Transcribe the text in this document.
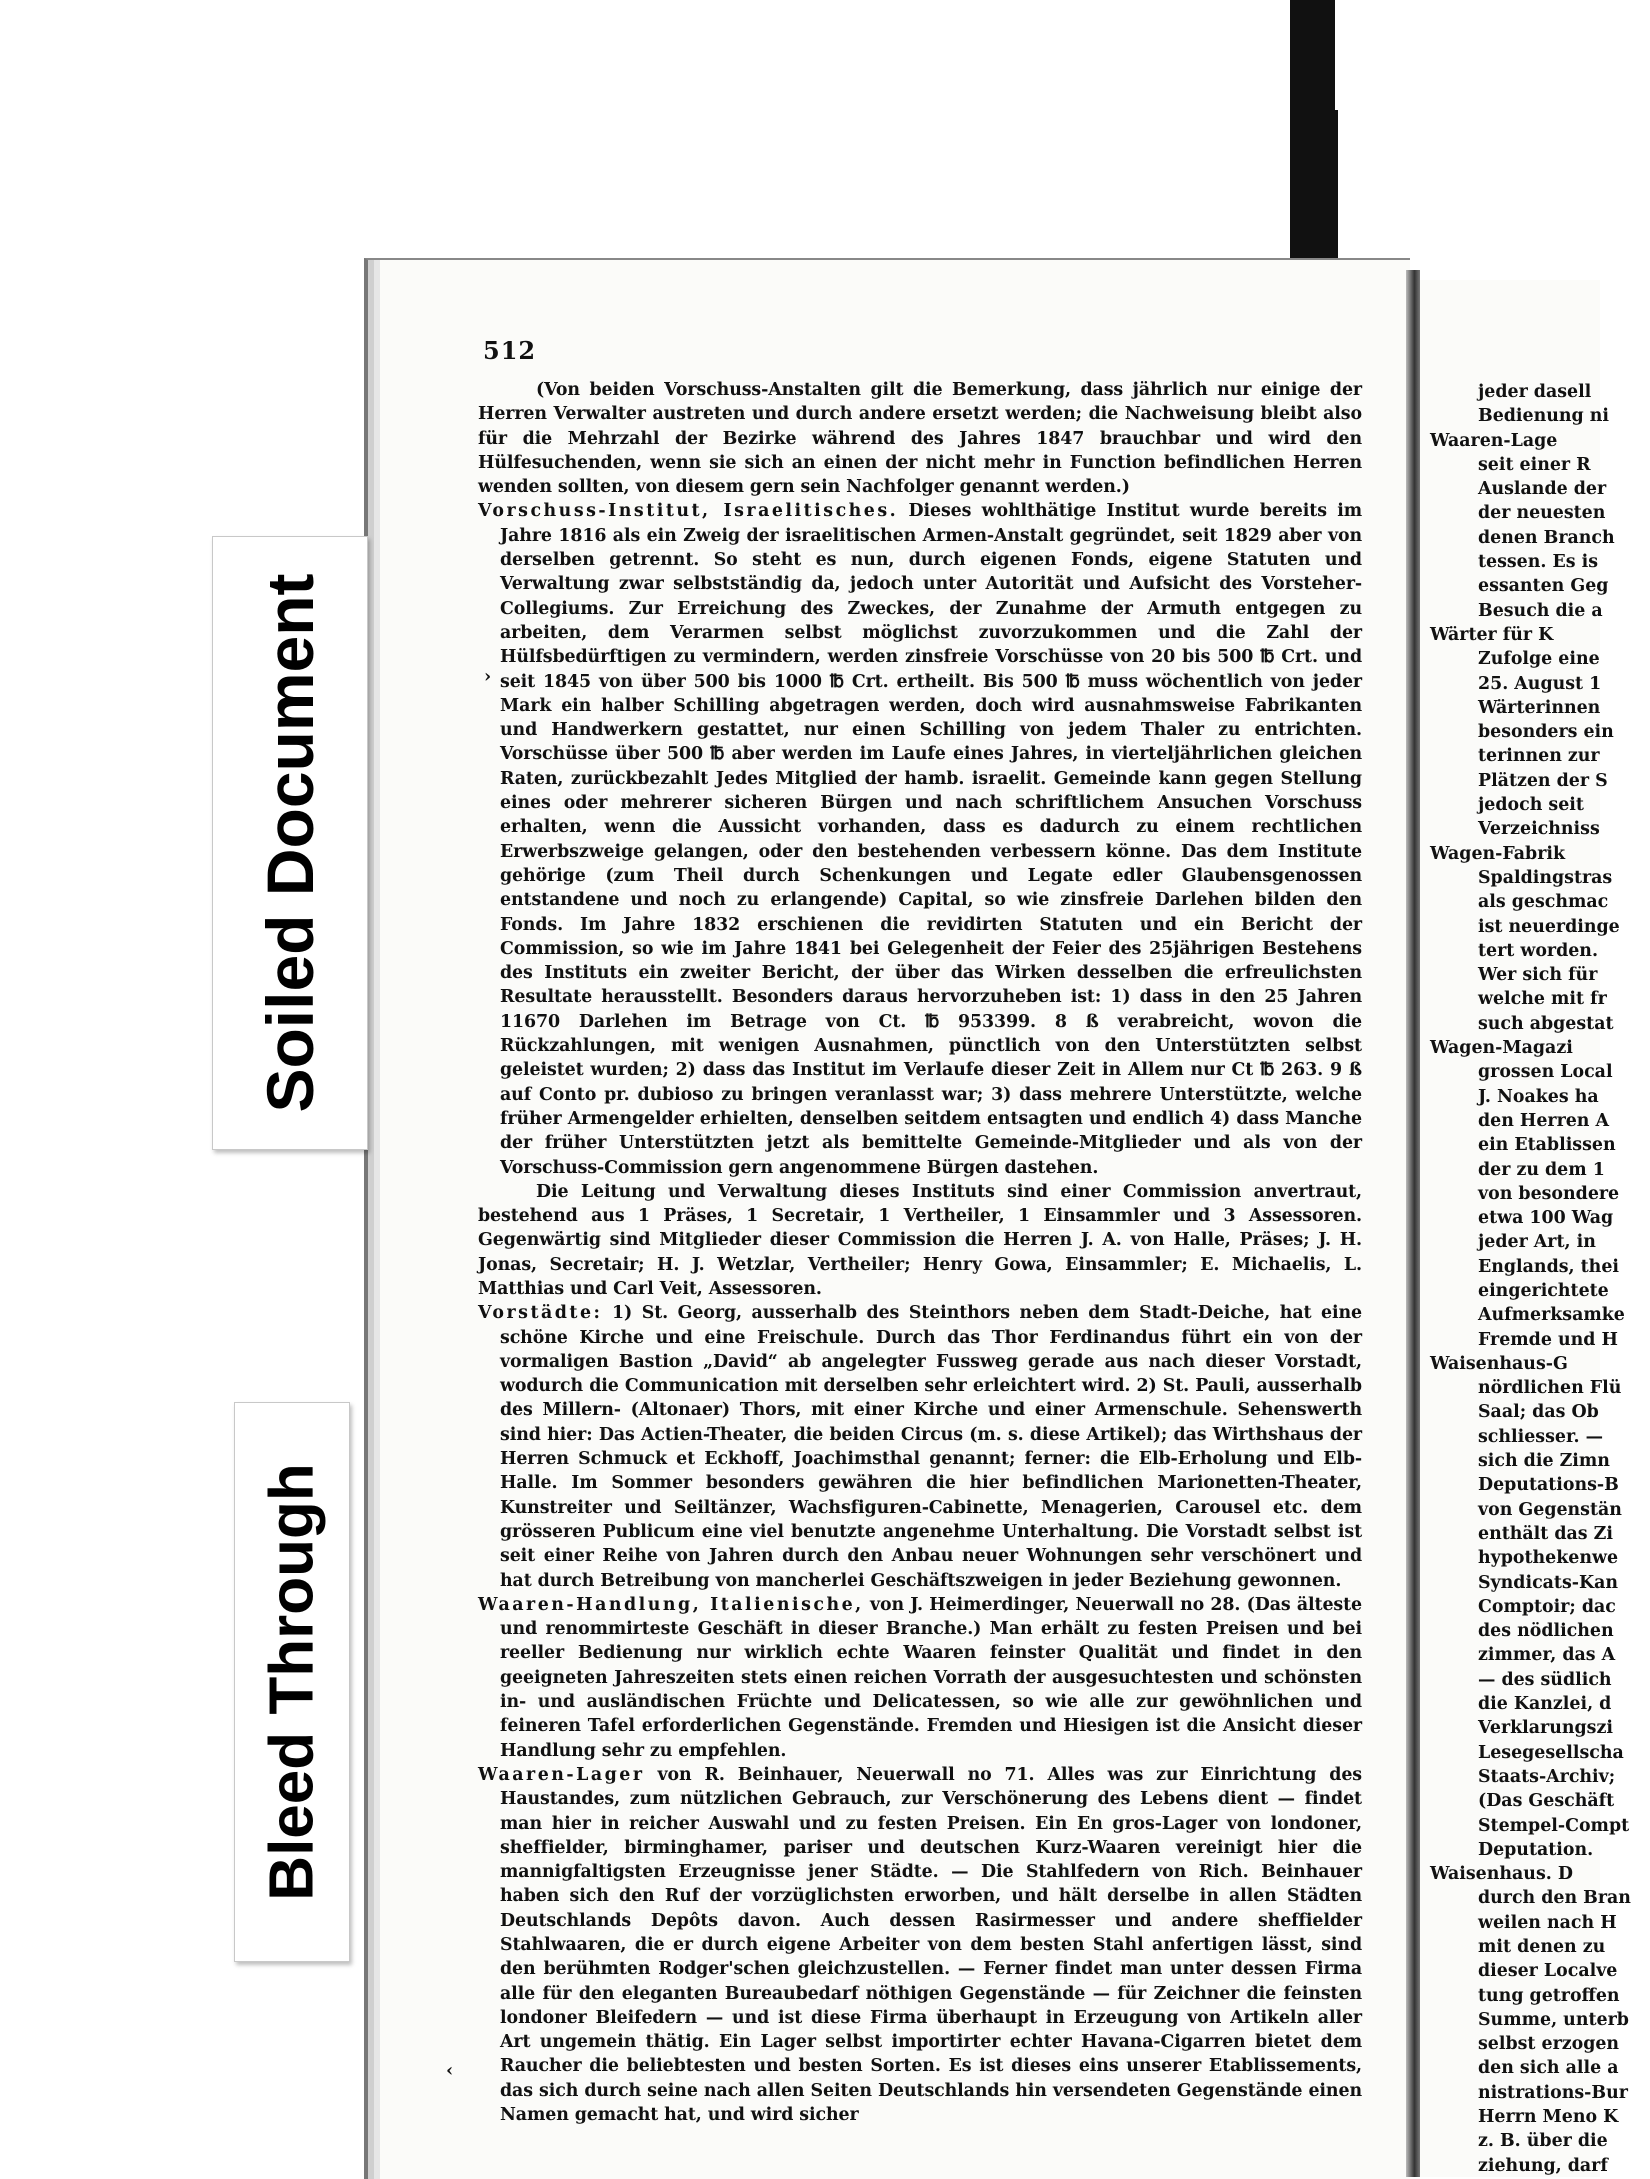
jeder dasell
Bedienung ni
Waaren-Lage
seit einer R
Auslande der
der neuesten
denen Branch
tessen. Es is
essanten Geg
Besuch die a
Wärter für K
Zufolge eine
25. August 1
Wärterinnen
besonders ein
terinnen zur
Plätzen der S
jedoch seit
Verzeichniss
Wagen-Fabrik
Spaldingstras
als geschmac
ist neuerdinge
tert worden.
Wer sich für
welche mit fr
such abgestat
Wagen-Magazi
grossen Local
J. Noakes ha
den Herren A
ein Etablissen
der zu dem 1
von besondere
etwa 100 Wag
jeder Art, in
Englands, thei
eingerichtete
Aufmerksamke
Fremde und H
Waisenhaus-G
nördlichen Flü
Saal; das Ob
schliesser. —
sich die Zimn
Deputations-B
von Gegenstän
enthält das Zi
hypothekenwe
Syndicats-Kan
Comptoir; dac
des nödlichen
zimmer, das A
— des südlich
die Kanzlei, d
Verklarungszi
Lesegesellscha
Staats-Archiv;
(Das Geschäft
Stempel-Compt
Deputation.
Waisenhaus. D
durch den Bran
weilen nach H
mit denen zu
dieser Localve
tung getroffen
Summe, unterb
selbst erzogen
den sich alle a
nistrations-Bur
Herrn Meno K
z. B. über die
ziehung, darf
512

(Von beiden Vorschuss-Anstalten gilt die Bemerkung, dass jährlich nur einige der Herren Verwalter austreten und durch andere ersetzt werden; die Nachweisung bleibt also für die Mehrzahl der Bezirke während des Jahres 1847 brauchbar und wird den Hülfesuchenden, wenn sie sich an einen der nicht mehr in Function befindlichen Herren wenden sollten, von diesem gern sein Nachfolger genannt werden.)

Vorschuss-Institut, Israelitisches. Dieses wohlthätige Institut wurde bereits im Jahre 1816 als ein Zweig der israelitischen Armen-Anstalt gegründet, seit 1829 aber von derselben getrennt. So steht es nun, durch eigenen Fonds, eigene Statuten und Verwaltung zwar selbstständig da, jedoch unter Autorität und Aufsicht des Vorsteher-Collegiums. Zur Erreichung des Zweckes, der Zunahme der Armuth entgegen zu arbeiten, dem Verarmen selbst möglichst zuvorzukommen und die Zahl der Hülfsbedürftigen zu vermindern, werden zinsfreie Vorschüsse von 20 bis 500 ℔ Crt. und seit 1845 von über 500 bis 1000 ℔ Crt. ertheilt. Bis 500 ℔ muss wöchentlich von jeder Mark ein halber Schilling abgetragen werden, doch wird ausnahmsweise Fabrikanten und Handwerkern gestattet, nur einen Schilling von jedem Thaler zu entrichten. Vorschüsse über 500 ℔ aber werden im Laufe eines Jahres, in vierteljährlichen gleichen Raten, zurückbezahlt Jedes Mitglied der hamb. israelit. Gemeinde kann gegen Stellung eines oder mehrerer sicheren Bürgen und nach schriftlichem Ansuchen Vorschuss erhalten, wenn die Aussicht vorhanden, dass es dadurch zu einem rechtlichen Erwerbszweige gelangen, oder den bestehenden verbessern könne. Das dem Institute gehörige (zum Theil durch Schenkungen und Legate edler Glaubensgenossen entstandene und noch zu erlangende) Capital, so wie zinsfreie Darlehen bilden den Fonds. Im Jahre 1832 erschienen die revidirten Statuten und ein Bericht der Commission, so wie im Jahre 1841 bei Gelegenheit der Feier des 25jährigen Bestehens des Instituts ein zweiter Bericht, der über das Wirken desselben die erfreulichsten Resultate herausstellt. Besonders daraus hervorzuheben ist: 1) dass in den 25 Jahren 11670 Darlehen im Betrage von Ct. ℔ 953399. 8 ß verabreicht, wovon die Rückzahlungen, mit wenigen Ausnahmen, pünctlich von den Unterstützten selbst geleistet wurden; 2) dass das Institut im Verlaufe dieser Zeit in Allem nur Ct ℔ 263. 9 ß auf Conto pr. dubioso zu bringen veranlasst war; 3) dass mehrere Unterstützte, welche früher Armengelder erhielten, denselben seitdem entsagten und endlich 4) dass Manche der früher Unterstützten jetzt als bemittelte Gemeinde-Mitglieder und als von der Vorschuss-Commission gern angenommene Bürgen dastehen.

Die Leitung und Verwaltung dieses Instituts sind einer Commission anvertraut, bestehend aus 1 Präses, 1 Secretair, 1 Vertheiler, 1 Einsammler und 3 Assessoren. Gegenwärtig sind Mitglieder dieser Commission die Herren J. A. von Halle, Präses; J. H. Jonas, Secretair; H. J. Wetzlar, Vertheiler; Henry Gowa, Einsammler; E. Michaelis, L. Matthias und Carl Veit, Assessoren.

Vorstädte: 1) St. Georg, ausserhalb des Steinthors neben dem Stadt-Deiche, hat eine schöne Kirche und eine Freischule. Durch das Thor Ferdinandus führt ein von der vormaligen Bastion „David“ ab angelegter Fussweg gerade aus nach dieser Vorstadt, wodurch die Communication mit derselben sehr erleichtert wird. 2) St. Pauli, ausserhalb des Millern- (Altonaer) Thors, mit einer Kirche und einer Armenschule. Sehenswerth sind hier: Das Actien-Theater, die beiden Circus (m. s. diese Artikel); das Wirthshaus der Herren Schmuck et Eckhoff, Joachimsthal genannt; ferner: die Elb-Erholung und Elb-Halle. Im Sommer besonders gewähren die hier befindlichen Marionetten-Theater, Kunstreiter und Seiltänzer, Wachsfiguren-Cabinette, Menagerien, Carousel etc. dem grösseren Publicum eine viel benutzte angenehme Unterhaltung. Die Vorstadt selbst ist seit einer Reihe von Jahren durch den Anbau neuer Wohnungen sehr verschönert und hat durch Betreibung von mancherlei Geschäftszweigen in jeder Beziehung gewonnen.

Waaren-Handlung, Italienische, von J. Heimerdinger, Neuerwall no 28. (Das älteste und renommirteste Geschäft in dieser Branche.) Man erhält zu festen Preisen und bei reeller Bedienung nur wirklich echte Waaren feinster Qualität und findet in den geeigneten Jahreszeiten stets einen reichen Vorrath der ausgesuchtesten und schönsten in- und ausländischen Früchte und Delicatessen, so wie alle zur gewöhnlichen und feineren Tafel erforderlichen Gegenstände. Fremden und Hiesigen ist die Ansicht dieser Handlung sehr zu empfehlen.

Waaren-Lager von R. Beinhauer, Neuerwall no 71. Alles was zur Einrichtung des Haustandes, zum nützlichen Gebrauch, zur Verschönerung des Lebens dient — findet man hier in reicher Auswahl und zu festen Preisen. Ein En gros-Lager von londoner, sheffielder, birminghamer, pariser und deutschen Kurz-Waaren vereinigt hier die mannigfaltigsten Erzeugnisse jener Städte. — Die Stahlfedern von Rich. Beinhauer haben sich den Ruf der vorzüglichsten erworben, und hält derselbe in allen Städten Deutschlands Depôts davon. Auch dessen Rasirmesser und andere sheffielder Stahlwaaren, die er durch eigene Arbeiter von dem besten Stahl anfertigen lässt, sind den berühmten Rodger'schen gleichzustellen. — Ferner findet man unter dessen Firma alle für den eleganten Bureaubedarf nöthigen Gegenstände — für Zeichner die feinsten londoner Bleifedern — und ist diese Firma überhaupt in Erzeugung von Artikeln aller Art ungemein thätig. Ein Lager selbst importirter echter Havana-Cigarren bietet dem Raucher die beliebtesten und besten Sorten. Es ist dieses eins unserer Etablissements, das sich durch seine nach allen Seiten Deutschlands hin versendeten Gegenstände einen Namen gemacht hat, und wird sicher

›
‹
Soiled Document
Bleed Through
